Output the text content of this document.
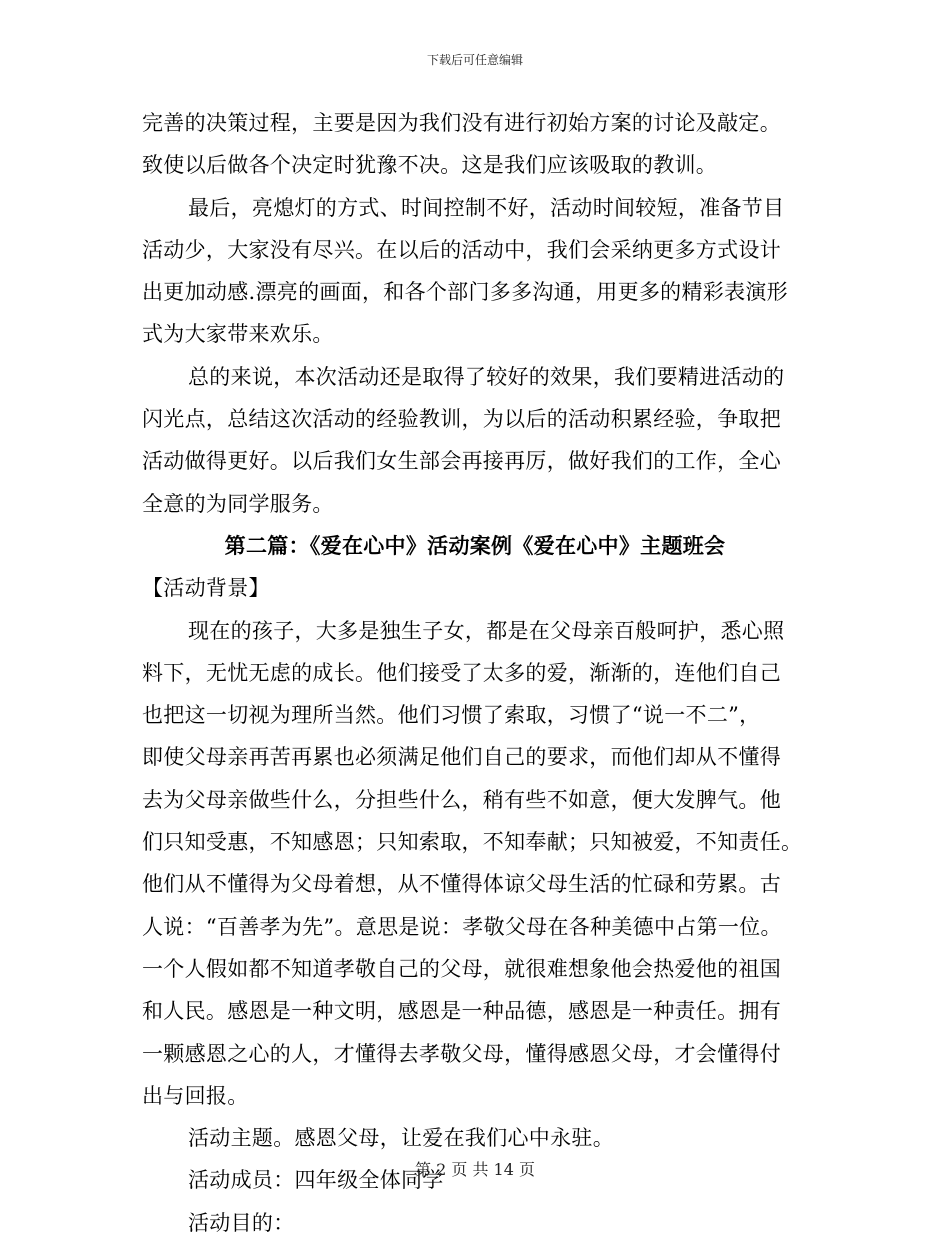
下载后可任意编辑
完善的决策过程，主要是因为我们没有进行初始方案的讨论及敲定。
致使以后做各个决定时犹豫不决。这是我们应该吸取的教训。
最后，亮熄灯的方式、时间控制不好，活动时间较短，准备节目
活动少，大家没有尽兴。在以后的活动中，我们会采纳更多方式设计
出更加动感.漂亮的画面，和各个部门多多沟通，用更多的精彩表演形
式为大家带来欢乐。
总的来说，本次活动还是取得了较好的效果，我们要精进活动的
闪光点，总结这次活动的经验教训，为以后的活动积累经验，争取把
活动做得更好。以后我们女生部会再接再厉，做好我们的工作，全心
全意的为同学服务。
第二篇：《爱在心中》活动案例《爱在心中》主题班会
【活动背景】
现在的孩子，大多是独生子女，都是在父母亲百般呵护，悉心照
料下，无忧无虑的成长。他们接受了太多的爱，渐渐的，连他们自己
也把这一切视为理所当然。他们习惯了索取，习惯了“说一不二”，
即使父母亲再苦再累也必须满足他们自己的要求，而他们却从不懂得
去为父母亲做些什么，分担些什么，稍有些不如意，便大发脾气。他
们只知受惠，不知感恩；只知索取，不知奉献；只知被爱，不知责任。
他们从不懂得为父母着想，从不懂得体谅父母生活的忙碌和劳累。古
人说：“百善孝为先”。意思是说：孝敬父母在各种美德中占第一位。
一个人假如都不知道孝敬自己的父母，就很难想象他会热爱他的祖国
和人民。感恩是一种文明，感恩是一种品德，感恩是一种责任。拥有
一颗感恩之心的人，才懂得去孝敬父母，懂得感恩父母，才会懂得付
出与回报。
活动主题。感恩父母，让爱在我们心中永驻。
活动成员：四年级全体同学
活动目的：
第 2 页 共 14 页
